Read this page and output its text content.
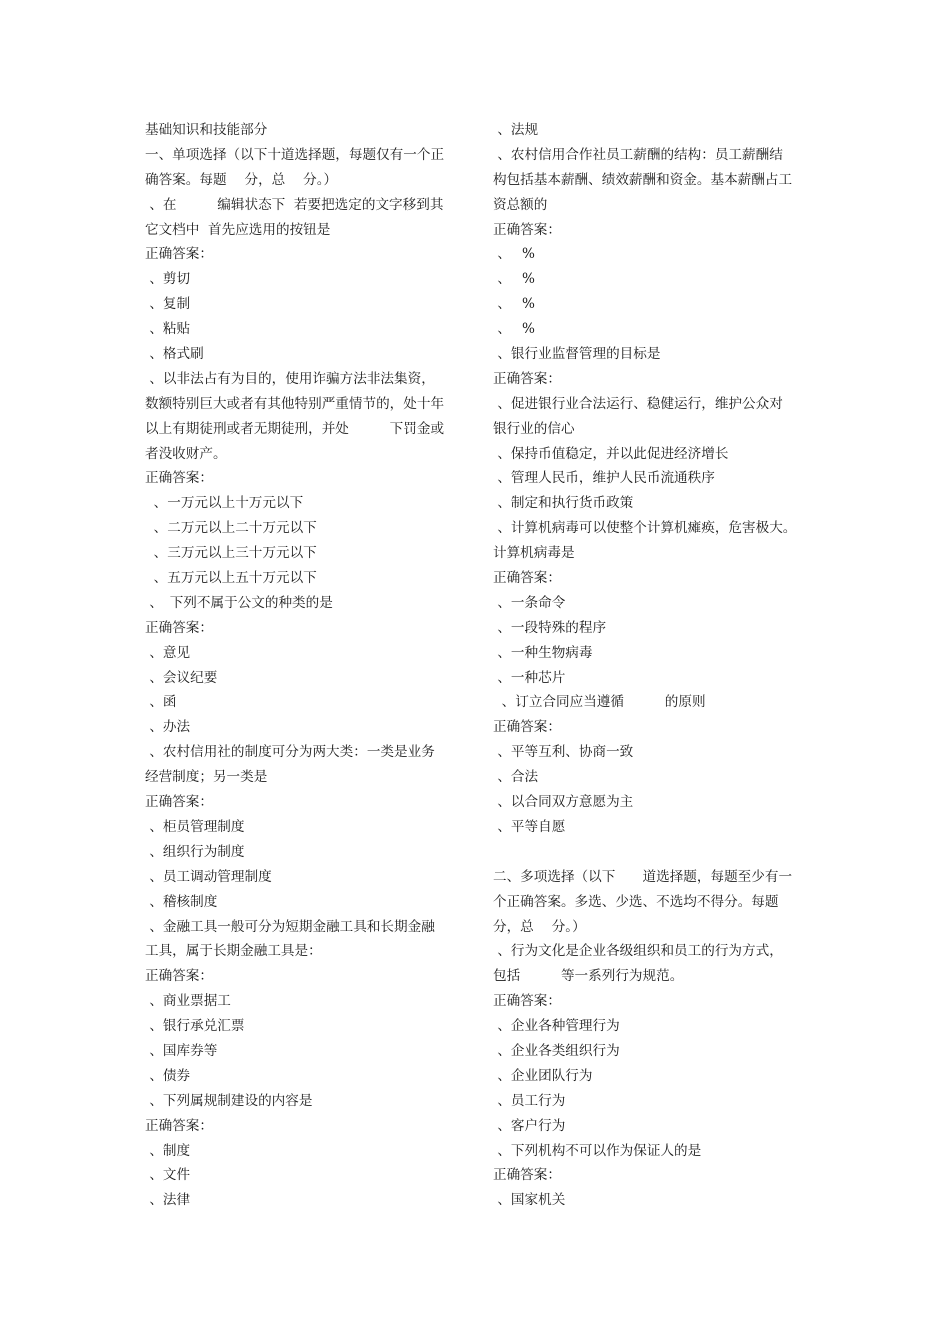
基础知识和技能部分
一、单项选择（以下十道选择题，每题仅有一个正
确答案。每题　 分，总　 分。）
、在　　　编辑状态下  若要把选定的文字移到其
它文档中  首先应选用的按钮是
正确答案：
、剪切
、复制
、粘贴
、格式刷
、以非法占有为目的，使用诈骗方法非法集资，
数额特别巨大或者有其他特别严重情节的，处十年
以上有期徒刑或者无期徒刑，并处　　　下罚金或
者没收财产。
正确答案：
、一万元以上十万元以下
、二万元以上二十万元以下
、三万元以上三十万元以下
、五万元以上五十万元以下
、　下列不属于公文的种类的是
正确答案：
、意见
、会议纪要
、函
、办法
、农村信用社的制度可分为两大类：一类是业务
经营制度；另一类是
正确答案：
、柜员管理制度
、组织行为制度
、员工调动管理制度
、稽核制度
、金融工具一般可分为短期金融工具和长期金融
工具，属于长期金融工具是：
正确答案：
、商业票据工
、银行承兑汇票
、国库券等
、债券
、下列属规制建设的内容是
正确答案：
、制度
、文件
、法律
、法规
、农村信用合作社员工薪酬的结构：员工薪酬结
构包括基本薪酬、绩效薪酬和资金。基本薪酬占工
资总额的
正确答案：
、　 %
、　 %
、　 %
、　 %
、银行业监督管理的目标是
正确答案：
、促进银行业合法运行、稳健运行，维护公众对
银行业的信心
、保持币值稳定，并以此促进经济增长
、管理人民币，维护人民币流通秩序
、制定和执行货币政策
、计算机病毒可以使整个计算机瘫痪，危害极大。
计算机病毒是
正确答案：
、一条命令
、一段特殊的程序
、一种生物病毒
、一种芯片
、订立合同应当遵循　　　的原则
正确答案：
、平等互利、协商一致
、合法
、以合同双方意愿为主
、平等自愿
二、多项选择（以下　　道选择题，每题至少有一
个正确答案。多选、少选、不选均不得分。每题
分，总　 分。）
、行为文化是企业各级组织和员工的行为方式，
包括　　　等一系列行为规范。
正确答案：
、企业各种管理行为
、企业各类组织行为
、企业团队行为
、员工行为
、客户行为
、下列机构不可以作为保证人的是
正确答案：
、国家机关
